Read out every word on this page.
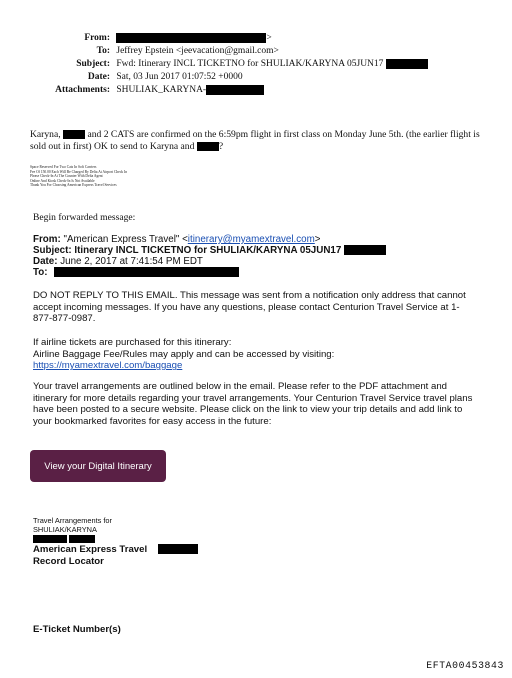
From:	>
To: Jeffrey Epstein <jeevacation@gmail.com>
Subject: Fwd: Itinerary INCL TICKETNO for SHULIAK/KARYNA 05JUN17
Date: Sat, 03 Jun 2017 01:07:52 +0000
Attachments: SHULIAK_KARYNA-
Karyna,	and 2 CATS are confirmed on the 6:59pm flight in first class on Monday June 5th. (the earlier flight is sold out in first) OK to send to Karyna and	?
Space Reserved For Two Cats In Soft Carriers
Fee Of 150.00 Each Will Be Charged By Delta At Airport Check In
Please Check-In At The Counter With Delta Agent
Online And Kiosk Check-In Is Not Available
Thank You For Choosing American Express Travel Services
Begin forwarded message:
From: "American Express Travel" <itinerary@myamextravel.com>
Subject: Itinerary INCL TICKETNO for SHULIAK/KARYNA 05JUN17
Date: June 2, 2017 at 7:41:54 PM EDT
To:
DO NOT REPLY TO THIS EMAIL. This message was sent from a notification only address that cannot accept incoming messages. If you have any questions, please contact Centurion Travel Service at 1-877-877-0987.
If airline tickets are purchased for this itinerary:
Airline Baggage Fee/Rules may apply and can be accessed by visiting:
https://myamextravel.com/baggage
Your travel arrangements are outlined below in the email. Please refer to the PDF attachment and itinerary for more details regarding your travel arrangements. Your Centurion Travel Service travel plans have been posted to a secure website. Please click on the link to view your trip details and add link to your bookmarked favorites for easy access in the future:
View your Digital Itinerary
Travel Arrangements for
SHULIAK/KARYNA

American Express Travel
Record Locator
E-Ticket Number(s)
EFTA00453843
